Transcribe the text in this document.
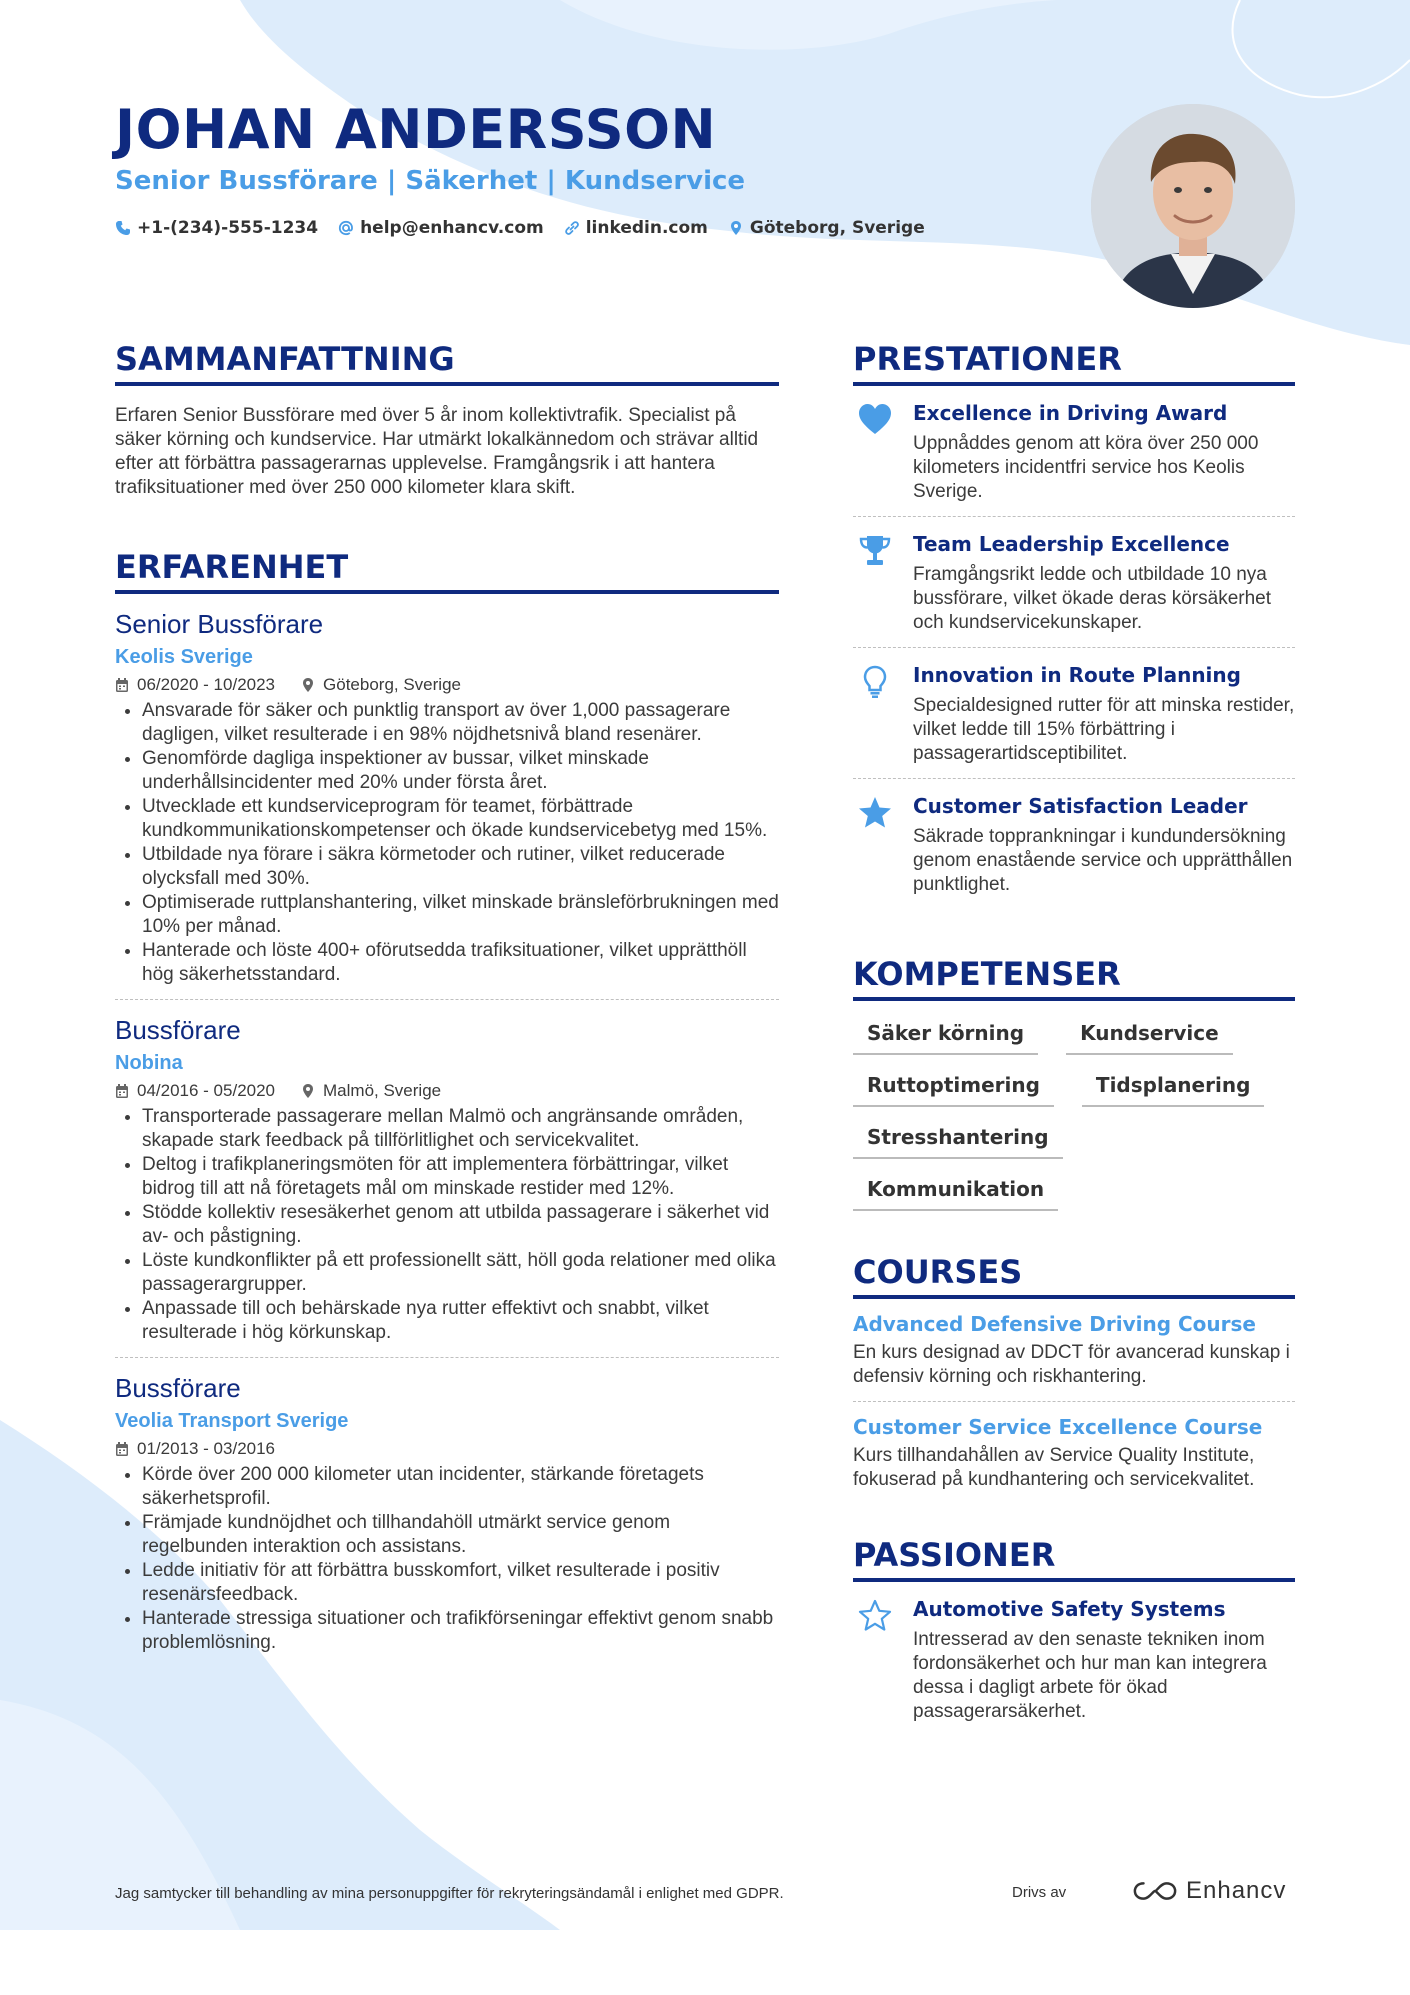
JOHAN ANDERSSON
Senior Bussförare | Säkerhet | Kundservice
+1-(234)-555-1234 help@enhancv.com linkedin.com Göteborg, Sverige
SAMMANFATTNING
Erfaren Senior Bussförare med över 5 år inom kollektivtrafik. Specialist på säker körning och kundservice. Har utmärkt lokalkännedom och strävar alltid efter att förbättra passagerarnas upplevelse. Framgångsrik i att hantera trafiksituationer med över 250 000 kilometer klara skift.
ERFARENHET
Senior Bussförare
Keolis Sverige
06/2020 - 10/2023	Göteborg, Sverige
• Ansvarade för säker och punktlig transport av över 1,000 passagerare dagligen, vilket resulterade i en 98% nöjdhetsnivå bland resenärer.
• Genomförde dagliga inspektioner av bussar, vilket minskade underhållsincidenter med 20% under första året.
• Utvecklade ett kundserviceprogram för teamet, förbättrade kundkommunikationskompetenser och ökade kundservicebetyg med 15%.
• Utbildade nya förare i säkra körmetoder och rutiner, vilket reducerade olycksfall med 30%.
• Optimiserade ruttplanshantering, vilket minskade bränsleförbrukningen med 10% per månad.
• Hanterade och löste 400+ oförutsedda trafiksituationer, vilket upprätthöll hög säkerhetsstandard.
Bussförare
Nobina
04/2016 - 05/2020	Malmö, Sverige
• Transporterade passagerare mellan Malmö och angränsande områden, skapade stark feedback på tillförlitlighet och servicekvalitet.
• Deltog i trafikplaneringsmöten för att implementera förbättringar, vilket bidrog till att nå företagets mål om minskade restider med 12%.
• Stödde kollektiv resesäkerhet genom att utbilda passagerare i säkerhet vid av- och påstigning.
• Löste kundkonflikter på ett professionellt sätt, höll goda relationer med olika passagerargrupper.
• Anpassade till och behärskade nya rutter effektivt och snabbt, vilket resulterade i hög körkunskap.
Bussförare
Veolia Transport Sverige
01/2013 - 03/2016
• Körde över 200 000 kilometer utan incidenter, stärkande företagets säkerhetsprofil.
• Främjade kundnöjdhet och tillhandahöll utmärkt service genom regelbunden interaktion och assistans.
• Ledde initiativ för att förbättra busskomfort, vilket resulterade i positiv resenärsfeedback.
• Hanterade stressiga situationer och trafikförseningar effektivt genom snabb problemlösning.
PRESTATIONER
Excellence in Driving Award
Uppnåddes genom att köra över 250 000 kilometers incidentfri service hos Keolis Sverige.
Team Leadership Excellence
Framgångsrikt ledde och utbildade 10 nya bussförare, vilket ökade deras körsäkerhet och kundservicekunskaper.
Innovation in Route Planning
Specialdesigned rutter för att minska restider, vilket ledde till 15% förbättring i passagerartidsceptibilitet.
Customer Satisfaction Leader
Säkrade topprankningar i kundundersökning genom enastående service och upprätthållen punktlighet.
KOMPETENSER
Säker körning	Kundservice
Ruttoptimering	Tidsplanering
Stresshantering
Kommunikation
COURSES
Advanced Defensive Driving Course
En kurs designad av DDCT för avancerad kunskap i defensiv körning och riskhantering.
Customer Service Excellence Course
Kurs tillhandahållen av Service Quality Institute, fokuserad på kundhantering och servicekvalitet.
PASSIONER
Automotive Safety Systems
Intresserad av den senaste tekniken inom fordonsäkerhet och hur man kan integrera dessa i dagligt arbete för ökad passagerarsäkerhet.
Jag samtycker till behandling av mina personuppgifter för rekryteringsändamål i enlighet med GDPR.	Drivs av	Enhancv
